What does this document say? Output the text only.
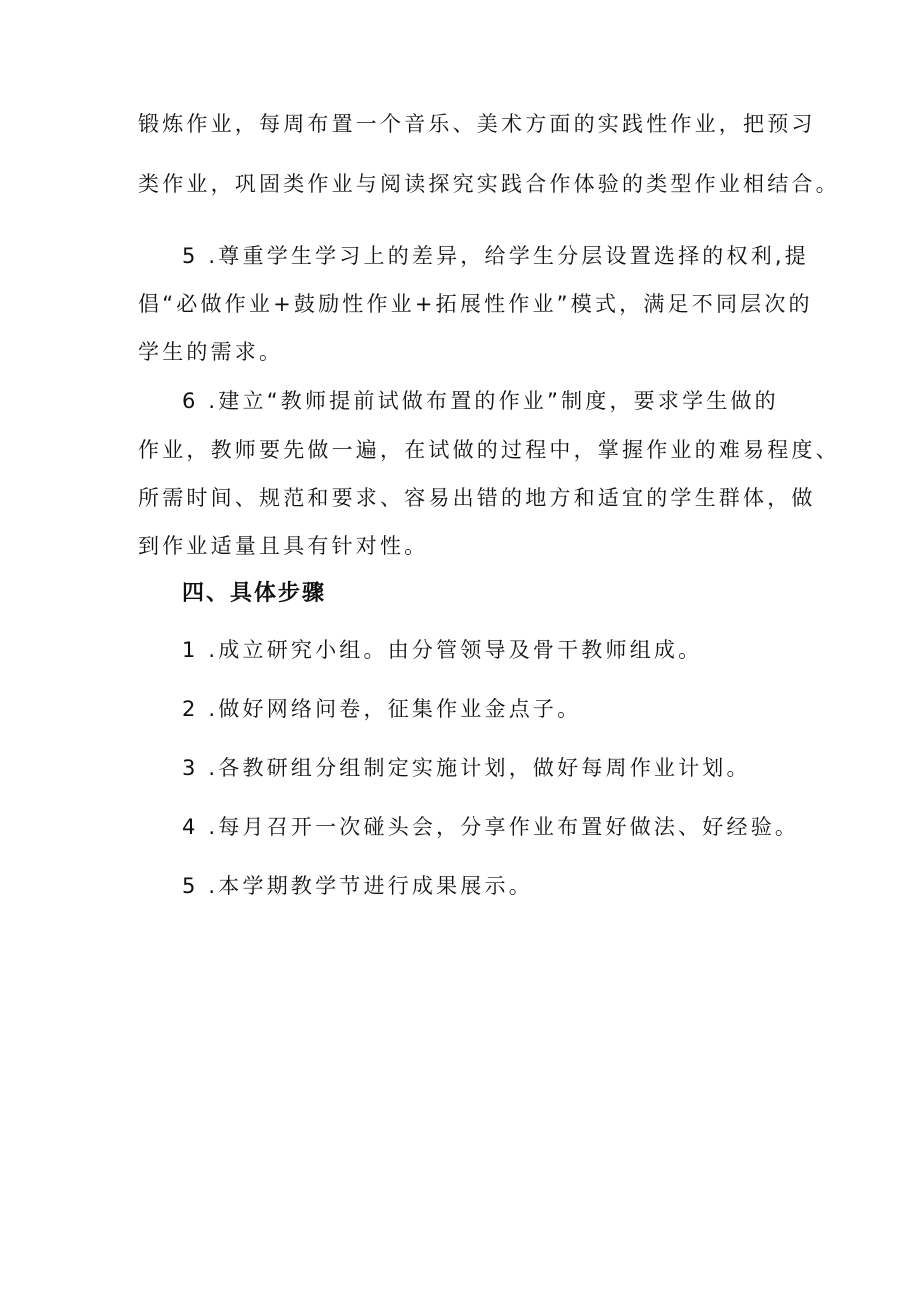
锻炼作业，每周布置一个音乐、美术方面的实践性作业，把预习
类作业，巩固类作业与阅读探究实践合作体验的类型作业相结合。
5 .尊重学生学习上的差异，给学生分层设置选择的权利,提
倡“必做作业+鼓励性作业+拓展性作业”模式，满足不同层次的
学生的需求。
6 .建立“教师提前试做布置的作业”制度，要求学生做的
作业，教师要先做一遍，在试做的过程中，掌握作业的难易程度、
所需时间、规范和要求、容易出错的地方和适宜的学生群体，做
到作业适量且具有针对性。
四、具体步骤
1 .成立研究小组。由分管领导及骨干教师组成。
2 .做好网络问卷，征集作业金点子。
3 .各教研组分组制定实施计划，做好每周作业计划。
4 .每月召开一次碰头会，分享作业布置好做法、好经验。
5 .本学期教学节进行成果展示。
